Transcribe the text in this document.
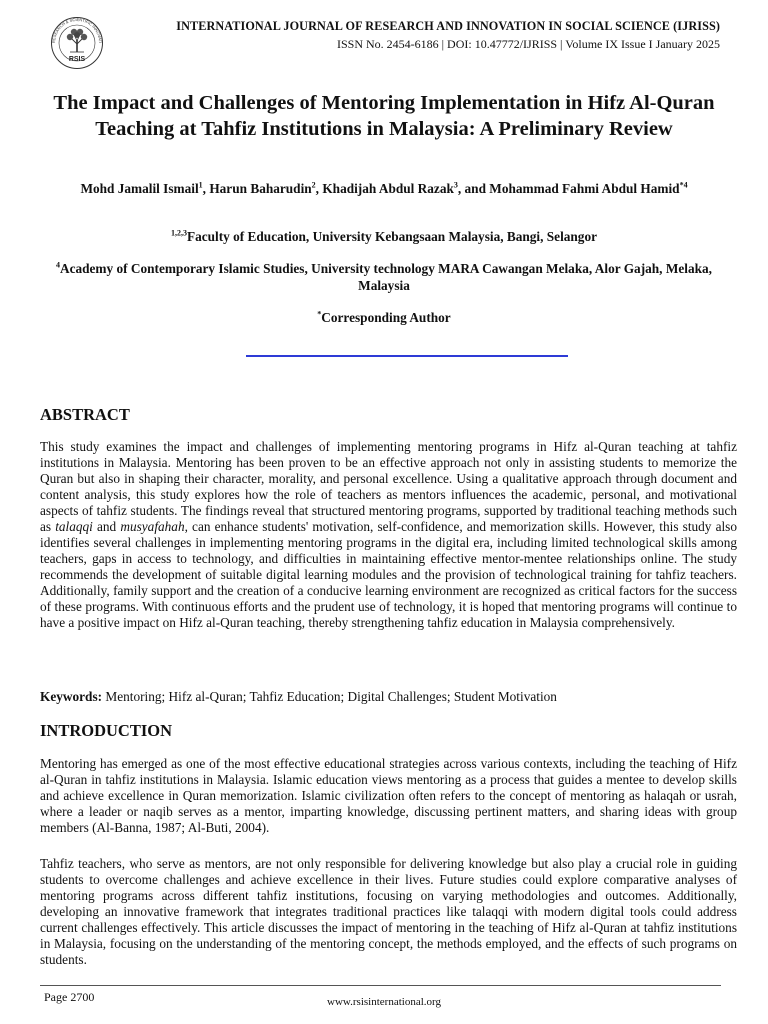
RSIS
RESEARCH & SCIENTIFIC INNOVATI
INTERNATIONAL JOURNAL OF RESEARCH AND INNOVATION IN SOCIAL SCIENCE (IJRISS)
ISSN No. 2454-6186 | DOI: 10.47772/IJRISS | Volume IX Issue I January 2025
The Impact and Challenges of Mentoring Implementation in Hifz Al-Quran Teaching at Tahfiz Institutions in Malaysia: A Preliminary Review

Mohd Jamalil Ismail$^1$, Harun Baharudin$^2$, Khadijah Abdul Razak$^3$, and Mohammad Fahmi Abdul Hamid$^{*4}$

$^{1,2,3}$Faculty of Education, University Kebangsaan Malaysia, Bangi, Selangor

$^4$Academy of Contemporary Islamic Studies, University technology MARA Cawangan Melaka, Alor Gajah, Melaka, Malaysia

*Corresponding Author

ABSTRACT

This study examines the impact and challenges of implementing mentoring programs in Hifz al-Quran teaching at tahfiz institutions in Malaysia. Mentoring has been proven to be an effective approach not only in assisting students to memorize the Quran but also in shaping their character, morality, and personal excellence. Using a qualitative approach through document and content analysis, this study explores how the role of teachers as mentors influences the academic, personal, and motivational aspects of tahfiz students. The findings reveal that structured mentoring programs, supported by traditional teaching methods such as talaqqi and musyafahah, can enhance students' motivation, self-confidence, and memorization skills. However, this study also identifies several challenges in implementing mentoring programs in the digital era, including limited technological skills among teachers, gaps in access to technology, and difficulties in maintaining effective mentor-mentee relationships online. The study recommends the development of suitable digital learning modules and the provision of technological training for tahfiz teachers. Additionally, family support and the creation of a conducive learning environment are recognized as critical factors for the success of these programs. With continuous efforts and the prudent use of technology, it is hoped that mentoring programs will continue to have a positive impact on Hifz al-Quran teaching, thereby strengthening tahfiz education in Malaysia comprehensively.

Keywords: Mentoring; Hifz al-Quran; Tahfiz Education; Digital Challenges; Student Motivation

INTRODUCTION

Mentoring has emerged as one of the most effective educational strategies across various contexts, including the teaching of Hifz al-Quran in tahfiz institutions in Malaysia. Islamic education views mentoring as a process that guides a mentee to develop skills and achieve excellence in Quran memorization. Islamic civilization often refers to the concept of mentoring as halaqah or usrah, where a leader or naqib serves as a mentor, imparting knowledge, discussing pertinent matters, and sharing ideas with group members (Al-Banna, 1987; Al-Buti, 2004).

Tahfiz teachers, who serve as mentors, are not only responsible for delivering knowledge but also play a crucial role in guiding students to overcome challenges and achieve excellence in their lives. Future studies could explore comparative analyses of mentoring programs across different tahfiz institutions, focusing on varying methodologies and outcomes. Additionally, developing an innovative framework that integrates traditional practices like talaqqi with modern digital tools could address current challenges effectively. This article discusses the impact of mentoring in the teaching of Hifz al-Quran at tahfiz institutions in Malaysia, focusing on the understanding of the mentoring concept, the methods employed, and the effects of such programs on students.

Page 2700	www.rsisinternational.org
